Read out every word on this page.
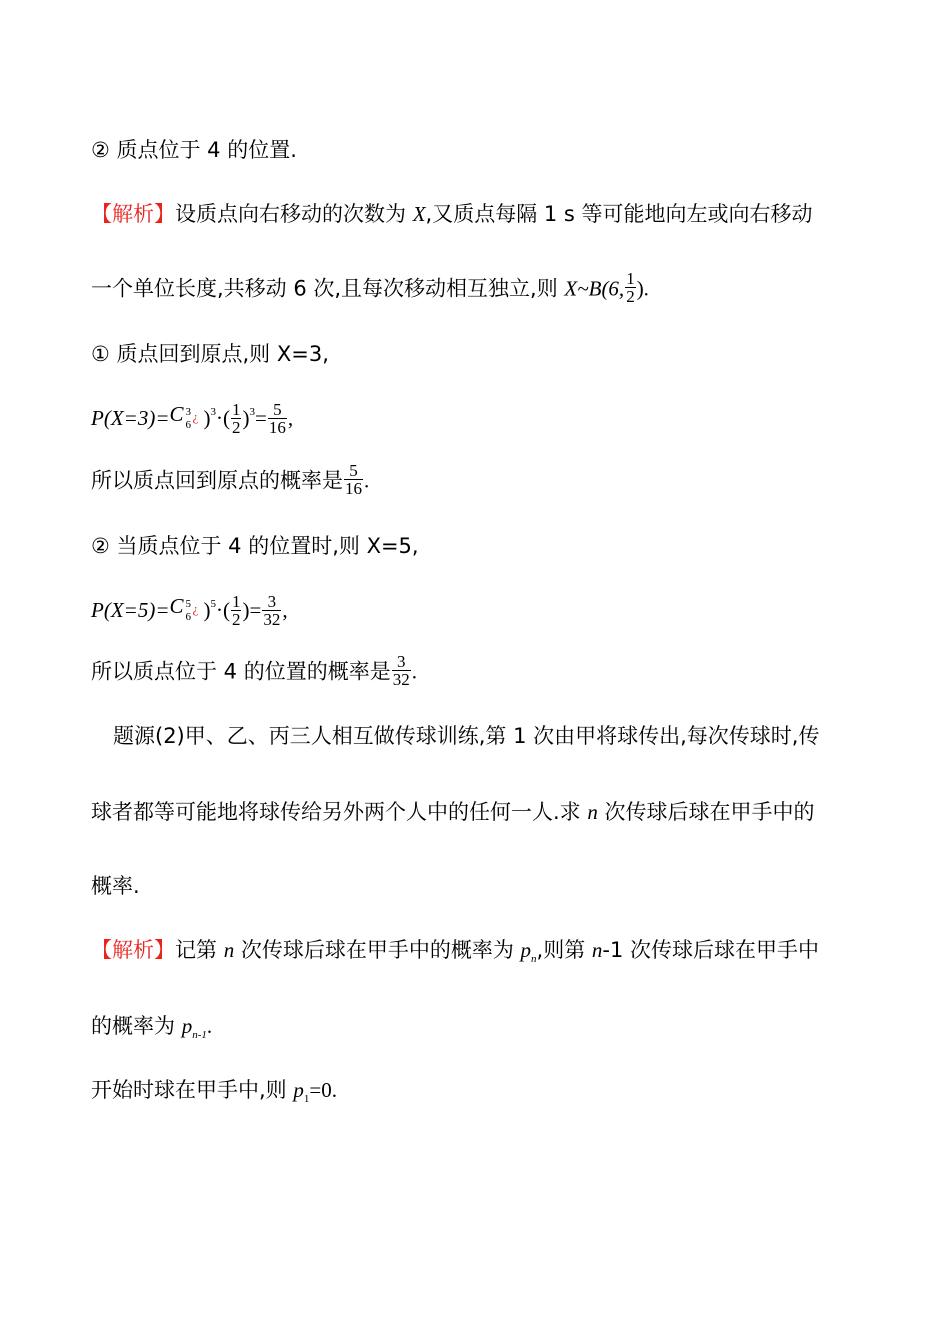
② 质点位于 4 的位置.
【解析】设质点向右移动的次数为 X,又质点每隔 1 s 等可能地向左或向右移动
一个单位长度,共移动 6 次,且每次移动相互独立,则 X~B(6, $\frac{1}{2}$ ).
① 质点回到原点,则 X=3,
P(X=3)= C 3
6
¿ )$^3\cdot( \frac{1}{2} )^3= \frac{5}{16}$ ,
所以质点回到原点的概率是 $\frac{5}{16}$ .
② 当质点位于 4 的位置时,则 X=5,
P(X=5)= C 5
6
¿ )$^5\cdot( \frac{1}{2}$ )= $\frac{3}{32}$ ,
所以质点位于 4 的位置的概率是 $\frac{3}{32}$ .
题源(2)甲、乙、丙三人相互做传球训练,第 1 次由甲将球传出,每次传球时,传
球者都等可能地将球传给另外两个人中的任何一人.求 n 次传球后球在甲手中的
概率.
【解析】记第 n 次传球后球在甲手中的概率为 $p_n$,则第 n-1 次传球后球在甲手中
的概率为 $p_{n-1}$.
开始时球在甲手中,则 $p_1=0$.
